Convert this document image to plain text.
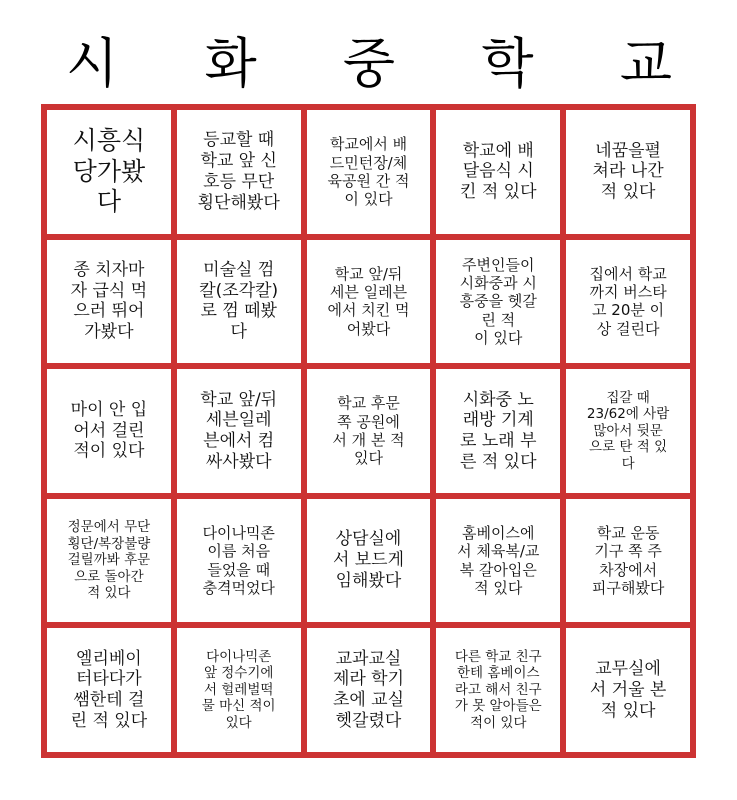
시 화 중 학 교
시흥식
당가봤
다
등교할 때
학교 앞 신
호등 무단
횡단해봤다
학교에서 배
드민턴장/체
육공원 간 적
이 있다
학교에 배
달음식 시
킨 적 있다
네꿈을펼
쳐라 나간
적 있다
종 치자마
자 급식 먹
으러 뛰어
가봤다
미술실 껌
칼(조각칼)
로 껌 떼봤
다
학교 앞/뒤
세븐 일레븐
에서 치킨 먹
어봤다
주변인들이
시화중과 시
흥중을 헷갈
린 적
이 있다
집에서 학교
까지 버스타
고 20분 이
상 걸린다
마이 안 입
어서 걸린
적이 있다
학교 앞/뒤
세븐일레
븐에서 컴
싸사봤다
학교 후문
쪽 공원에
서 개 본 적
있다
시화중 노
래방 기계
로 노래 부
른 적 있다
집갈 때
23/62에 사람
많아서 뒷문
으로 탄 적 있
다
정문에서 무단
횡단/복장불량
걸릴까봐 후문
으로 돌아간
적 있다
다이나믹존
이름 처음
들었을 때
충격먹었다
상담실에
서 보드게
임해봤다
홈베이스에
서 체육복/교
복 갈아입은
적 있다
학교 운동
기구 쪽 주
차장에서
피구해봤다
엘리베이
터타다가
쌤한테 걸
린 적 있다
다이나믹존
앞 정수기에
서 헐레벌떡
물 마신 적이
있다
교과교실
제라 학기
초에 교실
헷갈렸다
다른 학교 친구
한테 홈베이스
라고 해서 친구
가 못 알아들은
적이 있다
교무실에
서 거울 본
적 있다
